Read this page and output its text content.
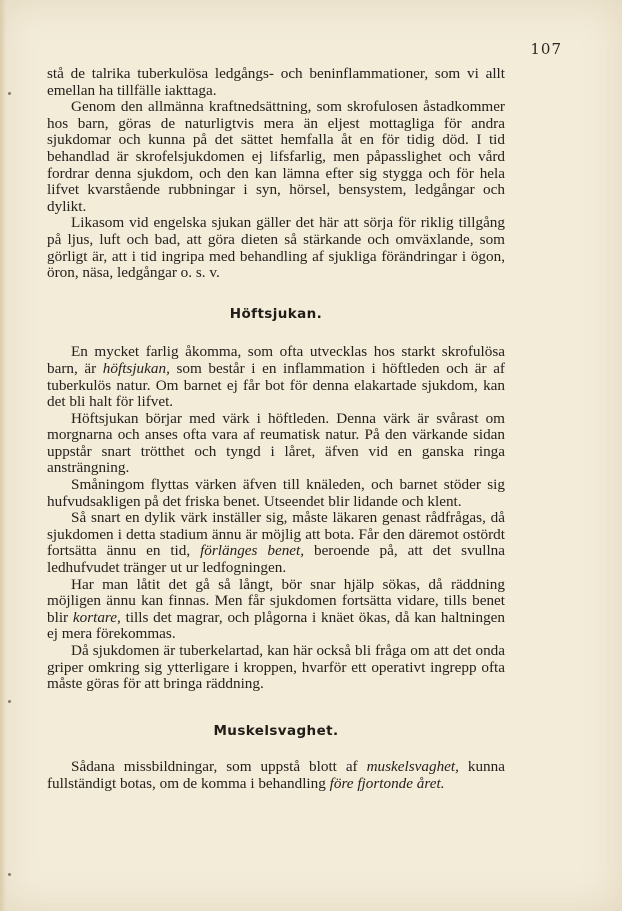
107

stå de talrika tuberkulösa ledgångs- och beninflammationer, som vi allt emellan ha tillfälle iakttaga.

Genom den allmänna kraftnedsättning, som skrofulosen åstadkommer hos barn, göras de naturligtvis mera än eljest mottagliga för andra sjukdomar och kunna på det sättet hemfalla åt en för tidig död. I tid behandlad är skrofelsjukdomen ej lifsfarlig, men påpasslighet och vård fordrar denna sjukdom, och den kan lämna efter sig stygga och för hela lifvet kvarstående rubbningar i syn, hörsel, bensystem, ledgångar och dylikt.

Likasom vid engelska sjukan gäller det här att sörja för riklig tillgång på ljus, luft och bad, att göra dieten så stärkande och omväxlande, som görligt är, att i tid ingripa med behandling af sjukliga förändringar i ögon, öron, näsa, ledgångar o. s. v.

Höftsjukan.

En mycket farlig åkomma, som ofta utvecklas hos starkt skrofulösa barn, är höftsjukan, som består i en inflammation i höftleden och är af tuberkulös natur. Om barnet ej får bot för denna elakartade sjukdom, kan det bli halt för lifvet.

Höftsjukan börjar med värk i höftleden. Denna värk är svårast om morgnarna och anses ofta vara af reumatisk natur. På den värkande sidan uppstår snart trötthet och tyngd i låret, äfven vid en ganska ringa ansträngning.

Småningom flyttas värken äfven till knäleden, och barnet stöder sig hufvudsakligen på det friska benet. Utseendet blir lidande och klent.

Så snart en dylik värk inställer sig, måste läkaren genast rådfrågas, då sjukdomen i detta stadium ännu är möjlig att bota. Får den däremot ostördt fortsätta ännu en tid, förlänges benet, beroende på, att det svullna ledhufvudet tränger ut ur ledfogningen.

Har man låtit det gå så långt, bör snar hjälp sökas, då räddning möjligen ännu kan finnas. Men får sjukdomen fortsätta vidare, tills benet blir kortare, tills det magrar, och plågorna i knäet ökas, då kan haltningen ej mera förekommas.

Då sjukdomen är tuberkelartad, kan här också bli fråga om att det onda griper omkring sig ytterligare i kroppen, hvarför ett operativt ingrepp ofta måste göras för att bringa räddning.

Muskelsvaghet.

Sådana missbildningar, som uppstå blott af muskelsvaghet, kunna fullständigt botas, om de komma i behandling före fjortonde året.
